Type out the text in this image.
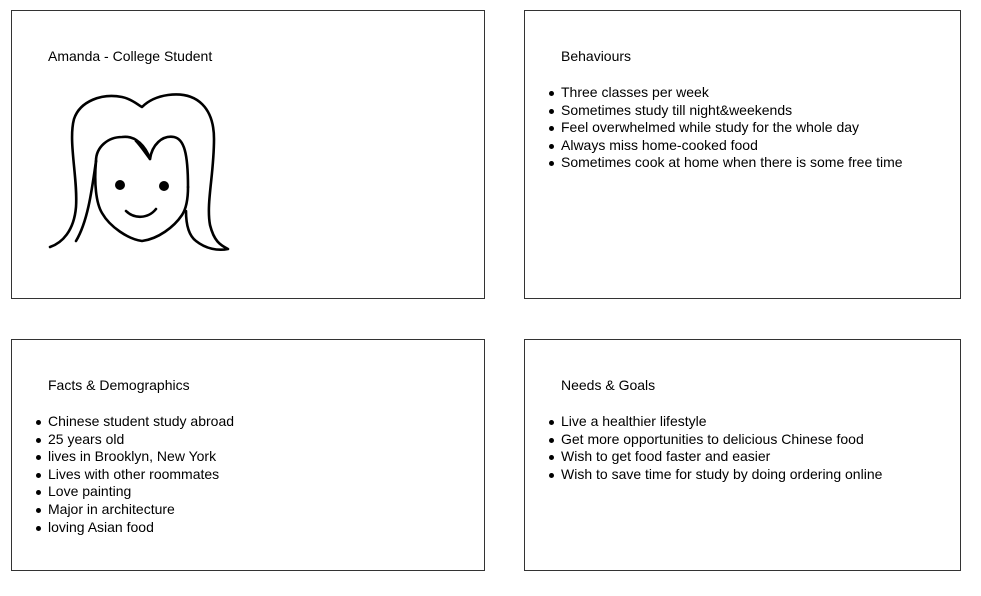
Amanda - College Student	Behaviours
Three classes per week
Sometimes study till night&weekends
Feel overwhelmed while study for the whole day
Always miss home-cooked food
Sometimes cook at home when there is some free time
Facts & Demographics
Chinese student study abroad
25 years old
lives in Brooklyn, New York
Lives with other roommates
Love painting
Major in architecture
loving Asian food
Needs & Goals
Live a healthier lifestyle
Get more opportunities to delicious Chinese food
Wish to get food faster and easier
Wish to save time for study by doing ordering online
